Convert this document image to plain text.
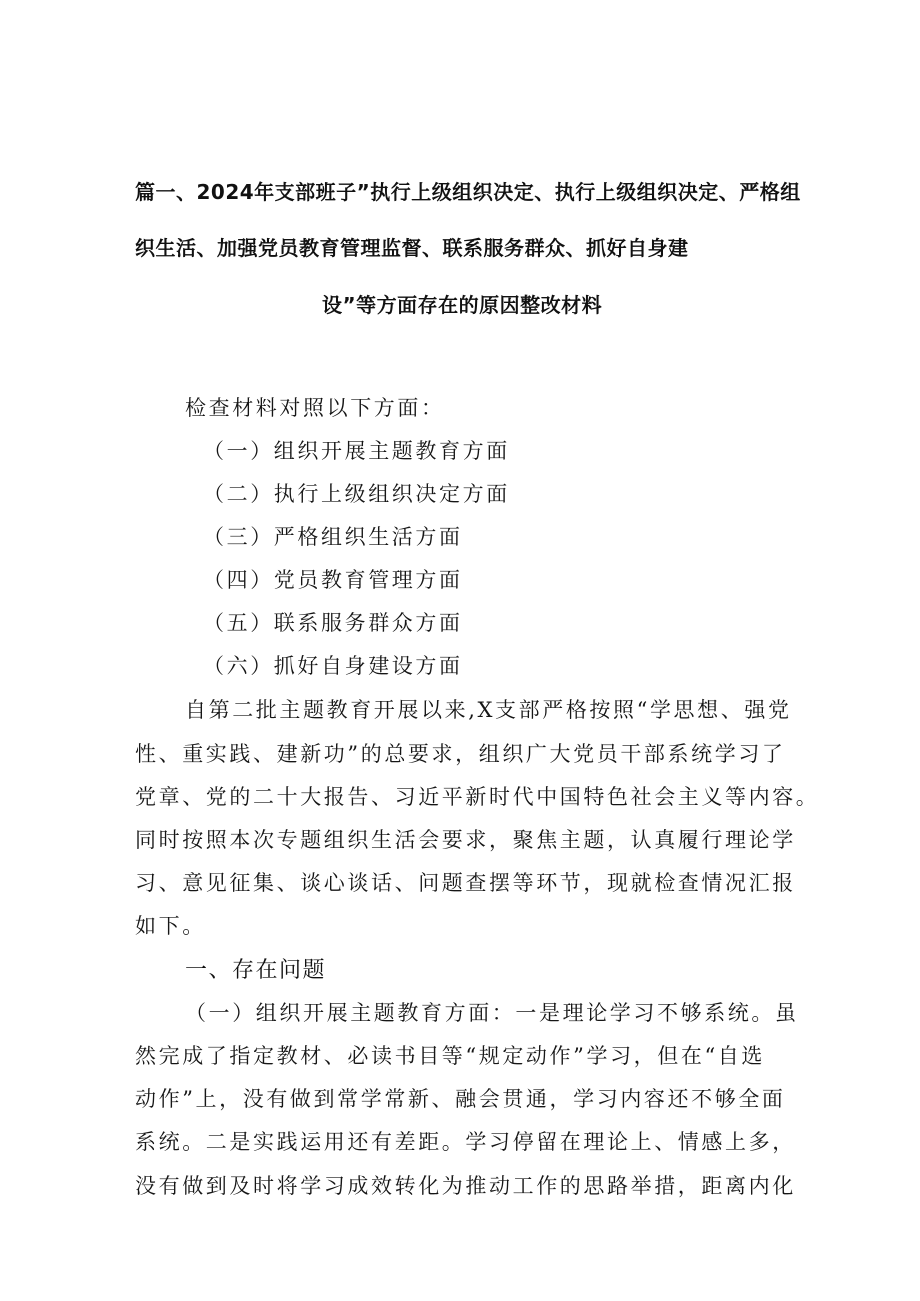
篇一、2024年支部班子”执行上级组织决定、执行上级组织决定、严格组
织生活、加强党员教育管理监督、联系服务群众、抓好自身建
设”等方面存在的原因整改材料
检查材料对照以下方面：
（一）组织开展主题教育方面
（二）执行上级组织决定方面
（三）严格组织生活方面
（四）党员教育管理方面
（五）联系服务群众方面
（六）抓好自身建设方面
自第二批主题教育开展以来,X支部严格按照“学思想、强党
性、重实践、建新功”的总要求，组织广大党员干部系统学习了
党章、党的二十大报告、习近平新时代中国特色社会主义等内容。
同时按照本次专题组织生活会要求，聚焦主题，认真履行理论学
习、意见征集、谈心谈话、问题查摆等环节，现就检查情况汇报
如下。
一、存在问题
（一）组织开展主题教育方面：一是理论学习不够系统。虽
然完成了指定教材、必读书目等“规定动作”学习，但在“自选
动作”上，没有做到常学常新、融会贯通，学习内容还不够全面
系统。二是实践运用还有差距。学习停留在理论上、情感上多，
没有做到及时将学习成效转化为推动工作的思路举措，距离内化
